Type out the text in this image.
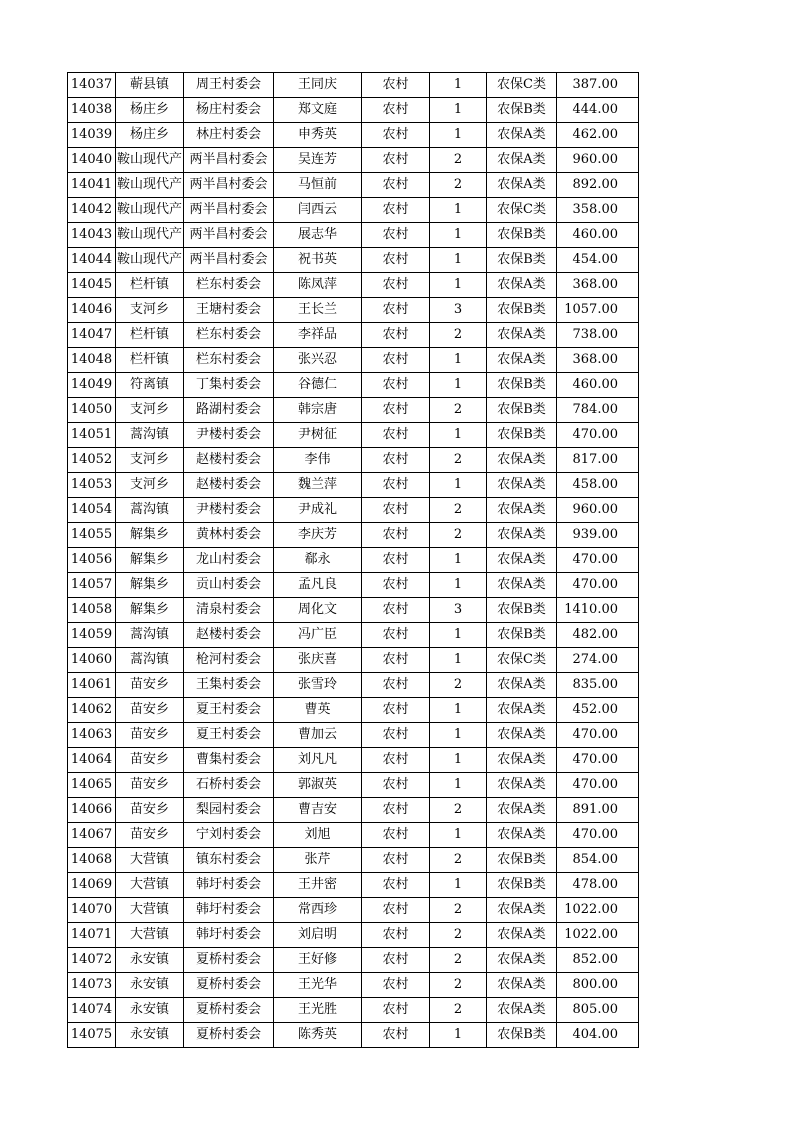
14037	蕲县镇	周王村委会	王同庆	农村	1	农保C类	387.00
14038	杨庄乡	杨庄村委会	郑文庭	农村	1	农保B类	444.00
14039	杨庄乡	林庄村委会	申秀英	农村	1	农保A类	462.00
14040	鞍山现代产	两半昌村委会	吴连芳	农村	2	农保A类	960.00
14041	鞍山现代产	两半昌村委会	马恒前	农村	2	农保A类	892.00
14042	鞍山现代产	两半昌村委会	闫西云	农村	1	农保C类	358.00
14043	鞍山现代产	两半昌村委会	展志华	农村	1	农保B类	460.00
14044	鞍山现代产	两半昌村委会	祝书英	农村	1	农保B类	454.00
14045	栏杆镇	栏东村委会	陈凤萍	农村	1	农保A类	368.00
14046	支河乡	王塘村委会	王长兰	农村	3	农保B类	1057.00
14047	栏杆镇	栏东村委会	李祥品	农村	2	农保A类	738.00
14048	栏杆镇	栏东村委会	张兴忍	农村	1	农保A类	368.00
14049	符离镇	丁集村委会	谷德仁	农村	1	农保B类	460.00
14050	支河乡	路湖村委会	韩宗唐	农村	2	农保B类	784.00
14051	蒿沟镇	尹楼村委会	尹树征	农村	1	农保B类	470.00
14052	支河乡	赵楼村委会	李伟	农村	2	农保A类	817.00
14053	支河乡	赵楼村委会	魏兰萍	农村	1	农保A类	458.00
14054	蒿沟镇	尹楼村委会	尹成礼	农村	2	农保A类	960.00
14055	解集乡	黄林村委会	李庆芳	农村	2	农保A类	939.00
14056	解集乡	龙山村委会	郗永	农村	1	农保A类	470.00
14057	解集乡	贡山村委会	孟凡良	农村	1	农保A类	470.00
14058	解集乡	清泉村委会	周化文	农村	3	农保B类	1410.00
14059	蒿沟镇	赵楼村委会	冯广臣	农村	1	农保B类	482.00
14060	蒿沟镇	枪河村委会	张庆喜	农村	1	农保C类	274.00
14061	苗安乡	王集村委会	张雪玲	农村	2	农保A类	835.00
14062	苗安乡	夏王村委会	曹英	农村	1	农保A类	452.00
14063	苗安乡	夏王村委会	曹加云	农村	1	农保A类	470.00
14064	苗安乡	曹集村委会	刘凡凡	农村	1	农保A类	470.00
14065	苗安乡	石桥村委会	郭淑英	农村	1	农保A类	470.00
14066	苗安乡	梨园村委会	曹吉安	农村	2	农保A类	891.00
14067	苗安乡	宁刘村委会	刘旭	农村	1	农保A类	470.00
14068	大营镇	镇东村委会	张芹	农村	2	农保B类	854.00
14069	大营镇	韩圩村委会	王井密	农村	1	农保B类	478.00
14070	大营镇	韩圩村委会	常西珍	农村	2	农保A类	1022.00
14071	大营镇	韩圩村委会	刘启明	农村	2	农保A类	1022.00
14072	永安镇	夏桥村委会	王好修	农村	2	农保A类	852.00
14073	永安镇	夏桥村委会	王光华	农村	2	农保A类	800.00
14074	永安镇	夏桥村委会	王光胜	农村	2	农保A类	805.00
14075	永安镇	夏桥村委会	陈秀英	农村	1	农保B类	404.00
